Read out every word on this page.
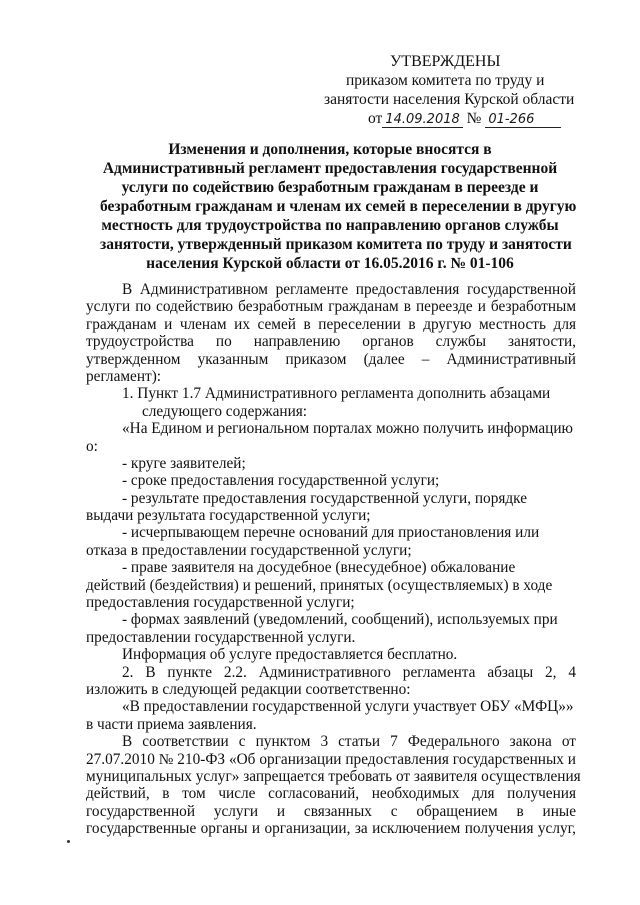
УТВЕРЖДЕНЫ
приказом комитета по труду и
занятости населения Курской области
от 14.09.2018 № 01-266
Изменения и дополнения, которые вносятся в
Административный регламент предоставления государственной
услуги по содействию безработным гражданам в переезде и
безработным гражданам и членам их семей в переселении в другую
местность для трудоустройства по направлению органов службы
занятости, утвержденный приказом комитета по труду и занятости
населения Курской области от 16.05.2016 г. № 01-106
В Административном регламенте предоставления государственной
услуги по содействию безработным гражданам в переезде и безработным
гражданам и членам их семей в переселении в другую местность для
трудоустройства по направлению органов службы занятости,
утвержденном указанным приказом (далее – Административный
регламент):
1. Пункт 1.7 Административного регламента дополнить абзацами
следующего содержания:
«На Едином и региональном порталах можно получить информацию
о:
- круге заявителей;
- сроке предоставления государственной услуги;
- результате предоставления государственной услуги, порядке
выдачи результата государственной услуги;
- исчерпывающем перечне оснований для приостановления или
отказа в предоставлении государственной услуги;
- праве заявителя на досудебное (внесудебное) обжалование
действий (бездействия) и решений, принятых (осуществляемых) в ходе
предоставления государственной услуги;
- формах заявлений (уведомлений, сообщений), используемых при
предоставлении государственной услуги.
Информация об услуге предоставляется бесплатно.
2. В пункте 2.2. Административного регламента абзацы 2, 4
изложить в следующей редакции соответственно:
«В предоставлении государственной услуги участвует ОБУ «МФЦ»»
в части приема заявления.
В соответствии с пунктом 3 статьи 7 Федерального закона от
27.07.2010 № 210-ФЗ «Об организации предоставления государственных и
муниципальных услуг» запрещается требовать от заявителя осуществления
действий, в том числе согласований, необходимых для получения
государственной услуги и связанных с обращением в иные
государственные органы и организации, за исключением получения услуг,
